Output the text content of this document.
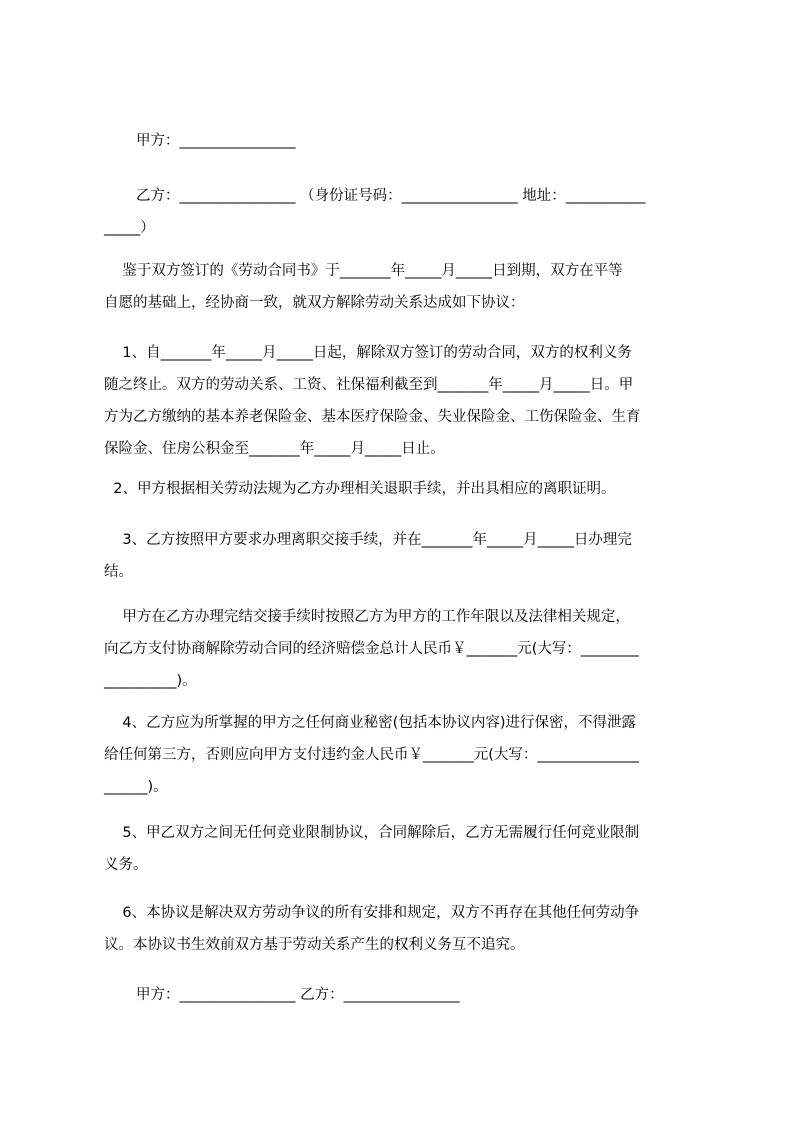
甲方：________________

乙方：________________ （身份证号码：________________ 地址：___________
_____）

鉴于双方签订的《劳动合同书》于_______年_____月_____日到期，双方在平等
自愿的基础上，经协商一致，就双方解除劳动关系达成如下协议：

1、自_______年_____月_____日起，解除双方签订的劳动合同，双方的权利义务
随之终止。双方的劳动关系、工资、社保福利截至到_______年_____月_____日。甲
方为乙方缴纳的基本养老保险金、基本医疗保险金、失业保险金、工伤保险金、生育
保险金、住房公积金至_______年_____月_____日止。

2、甲方根据相关劳动法规为乙方办理相关退职手续，并出具相应的离职证明。

3、乙方按照甲方要求办理离职交接手续，并在_______年_____月_____日办理完
结。

甲方在乙方办理完结交接手续时按照乙方为甲方的工作年限以及法律相关规定，
向乙方支付协商解除劳动合同的经济赔偿金总计人民币￥_______元(大写：________
__________)。

4、乙方应为所掌握的甲方之任何商业秘密(包括本协议内容)进行保密，不得泄露
给任何第三方，否则应向甲方支付违约金人民币￥_______元(大写：______________
______)。

5、甲乙双方之间无任何竞业限制协议，合同解除后，乙方无需履行任何竞业限制
义务。

6、本协议是解决双方劳动争议的所有安排和规定，双方不再存在其他任何劳动争
议。本协议书生效前双方基于劳动关系产生的权利义务互不追究。

甲方：________________ 乙方：________________
